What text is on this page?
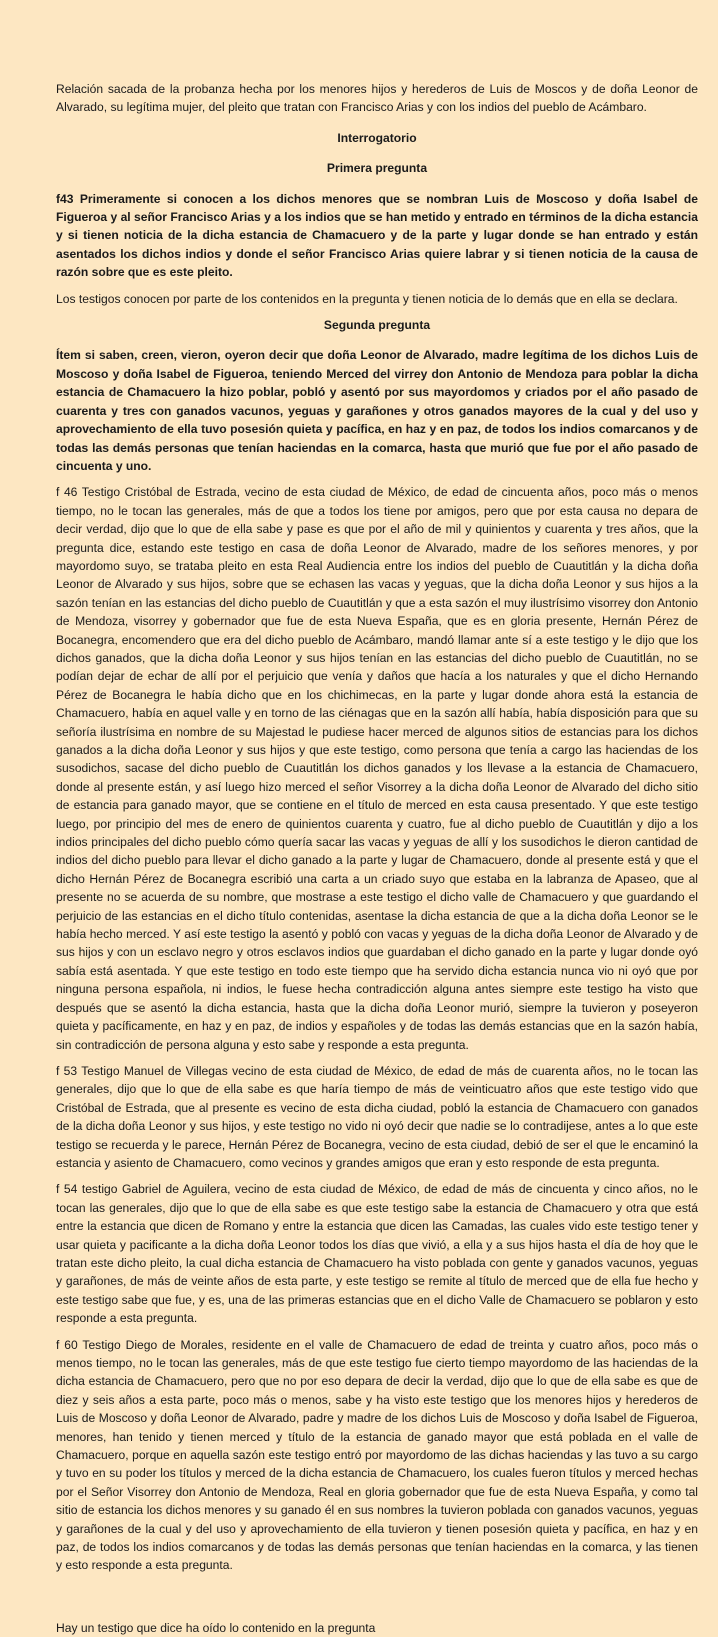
Relación sacada de la probanza hecha por los menores hijos y herederos de Luis de Moscos y de doña Leonor de Alvarado, su legítima mujer, del pleito que tratan con Francisco Arias y con los indios del pueblo de Acámbaro.

Interrogatorio

Primera pregunta

f43 Primeramente si conocen a los dichos menores que se nombran Luis de Moscoso y doña Isabel de Figueroa y al señor Francisco Arias y a los indios que se han metido y entrado en términos de la dicha estancia y si tienen noticia de la dicha estancia de Chamacuero y de la parte y lugar donde se han entrado y están asentados los dichos indios y donde el señor Francisco Arias quiere labrar y si tienen noticia de la causa de razón sobre que es este pleito.

Los testigos conocen por parte de los contenidos en la pregunta y tienen noticia de lo demás que en ella se declara.

Segunda pregunta

Ítem si saben, creen, vieron, oyeron decir que doña Leonor de Alvarado, madre legítima de los dichos Luis de Moscoso y doña Isabel de Figueroa, teniendo Merced del virrey don Antonio de Mendoza para poblar la dicha estancia de Chamacuero la hizo poblar, pobló y asentó por sus mayordomos y criados por el año pasado de cuarenta y tres con ganados vacunos, yeguas y garañones y otros ganados mayores de la cual y del uso y aprovechamiento de ella tuvo posesión quieta y pacífica, en haz y en paz, de todos los indios comarcanos y de todas las demás personas que tenían haciendas en la comarca, hasta que murió que fue por el año pasado de cincuenta y uno.

f 46 Testigo Cristóbal de Estrada, vecino de esta ciudad de México, de edad de cincuenta años, poco más o menos tiempo, no le tocan las generales, más de que a todos los tiene por amigos, pero que por esta causa no depara de decir verdad, dijo que lo que de ella sabe y pase es que por el año de mil y quinientos y cuarenta y tres años, que la pregunta dice, estando este testigo en casa de doña Leonor de Alvarado, madre de los señores menores, y por mayordomo suyo, se trataba pleito en esta Real Audiencia entre los indios del pueblo de Cuautitlán y la dicha doña Leonor de Alvarado y sus hijos, sobre que se echasen las vacas y yeguas, que la dicha doña Leonor y sus hijos a la sazón tenían en las estancias del dicho pueblo de Cuautitlán y que a esta sazón el muy ilustrísimo visorrey don Antonio de Mendoza, visorrey y gobernador que fue de esta Nueva España, que es en gloria presente, Hernán Pérez de Bocanegra, encomendero que era del dicho pueblo de Acámbaro, mandó llamar ante sí a este testigo y le dijo que los dichos ganados, que la dicha doña Leonor y sus hijos tenían en las estancias del dicho pueblo de Cuautitlán, no se podían dejar de echar de allí por el perjuicio que venía y daños que hacía a los naturales y que el dicho Hernando Pérez de Bocanegra le había dicho que en los chichimecas, en la parte y lugar donde ahora está la estancia de Chamacuero, había en aquel valle y en torno de las ciénagas que en la sazón allí había, había disposición para que su señoría ilustrísima en nombre de su Majestad le pudiese hacer merced de algunos sitios de estancias para los dichos ganados a la dicha doña Leonor y sus hijos y que este testigo, como persona que tenía a cargo las haciendas de los susodichos, sacase del dicho pueblo de Cuautitlán los dichos ganados y los llevase a la estancia de Chamacuero, donde al presente están, y así luego hizo merced el señor Visorrey a la dicha doña Leonor de Alvarado del dicho sitio de estancia para ganado mayor, que se contiene en el título de merced en esta causa presentado. Y que este testigo luego, por principio del mes de enero de quinientos cuarenta y cuatro, fue al dicho pueblo de Cuautitlán y dijo a los indios principales del dicho pueblo cómo quería sacar las vacas y yeguas de allí y los susodichos le dieron cantidad de indios del dicho pueblo para llevar el dicho ganado a la parte y lugar de Chamacuero, donde al presente está y que el dicho Hernán Pérez de Bocanegra escribió una carta a un criado suyo que estaba en la labranza de Apaseo, que al presente no se acuerda de su nombre, que mostrase a este testigo el dicho valle de Chamacuero y que guardando el perjuicio de las estancias en el dicho título contenidas, asentase la dicha estancia de que a la dicha doña Leonor se le había hecho merced. Y así este testigo la asentó y pobló con vacas y yeguas de la dicha doña Leonor de Alvarado y de sus hijos y con un esclavo negro y otros esclavos indios que guardaban el dicho ganado en la parte y lugar donde oyó sabía está asentada. Y que este testigo en todo este tiempo que ha servido dicha estancia nunca vio ni oyó que por ninguna persona española, ni indios, le fuese hecha contradicción alguna antes siempre este testigo ha visto que después que se asentó la dicha estancia, hasta que la dicha doña Leonor murió, siempre la tuvieron y poseyeron quieta y pacíficamente, en haz y en paz, de indios y españoles y de todas las demás estancias que en la sazón había, sin contradicción de persona alguna y esto sabe y responde a esta pregunta.

f 53 Testigo Manuel de Villegas vecino de esta ciudad de México, de edad de más de cuarenta años, no le tocan las generales, dijo que lo que de ella sabe es que haría tiempo de más de veinticuatro años que este testigo vido que Cristóbal de Estrada, que al presente es vecino de esta dicha ciudad, pobló la estancia de Chamacuero con ganados de la dicha doña Leonor y sus hijos, y este testigo no vido ni oyó decir que nadie se lo contradijese, antes a lo que este testigo se recuerda y le parece, Hernán Pérez de Bocanegra, vecino de esta ciudad, debió de ser el que le encaminó la estancia y asiento de Chamacuero, como vecinos y grandes amigos que eran y esto responde de esta pregunta.

f 54 testigo Gabriel de Aguilera, vecino de esta ciudad de México, de edad de más de cincuenta y cinco años, no le tocan las generales, dijo que lo que de ella sabe es que este testigo sabe la estancia de Chamacuero y otra que está entre la estancia que dicen de Romano y entre la estancia que dicen las Camadas, las cuales vido este testigo tener y usar quieta y pacificante a la dicha doña Leonor todos los días que vivió, a ella y a sus hijos hasta el día de hoy que le tratan este dicho pleito, la cual dicha estancia de Chamacuero ha visto poblada con gente y ganados vacunos, yeguas y garañones, de más de veinte años de esta parte, y este testigo se remite al título de merced que de ella fue hecho y este testigo sabe que fue, y es, una de las primeras estancias que en el dicho Valle de Chamacuero se poblaron y esto responde a esta pregunta.

f 60 Testigo Diego de Morales, residente en el valle de Chamacuero de edad de treinta y cuatro años, poco más o menos tiempo, no le tocan las generales, más de que este testigo fue cierto tiempo mayordomo de las haciendas de la dicha estancia de Chamacuero, pero que no por eso depara de decir la verdad, dijo que lo que de ella sabe es que de diez y seis años a esta parte, poco más o menos, sabe y ha visto este testigo que los menores hijos y herederos de Luis de Moscoso y doña Leonor de Alvarado, padre y madre de los dichos Luis de Moscoso y doña Isabel de Figueroa, menores, han tenido y tienen merced y título de la estancia de ganado mayor que está poblada en el valle de Chamacuero, porque en aquella sazón este testigo entró por mayordomo de las dichas haciendas y las tuvo a su cargo y tuvo en su poder los títulos y merced de la dicha estancia de Chamacuero, los cuales fueron títulos y merced hechas por el Señor Visorrey don Antonio de Mendoza, Real en gloria gobernador que fue de esta Nueva España, y como tal sitio de estancia los dichos menores y su ganado él en sus nombres la tuvieron poblada con ganados vacunos, yeguas y garañones de la cual y del uso y aprovechamiento de ella tuvieron y tienen posesión quieta y pacífica, en haz y en paz, de todos los indios comarcanos y de todas las demás personas que tenían haciendas en la comarca, y las tienen y esto responde a esta pregunta.

Hay un testigo que dice ha oído lo contenido en la pregunta
